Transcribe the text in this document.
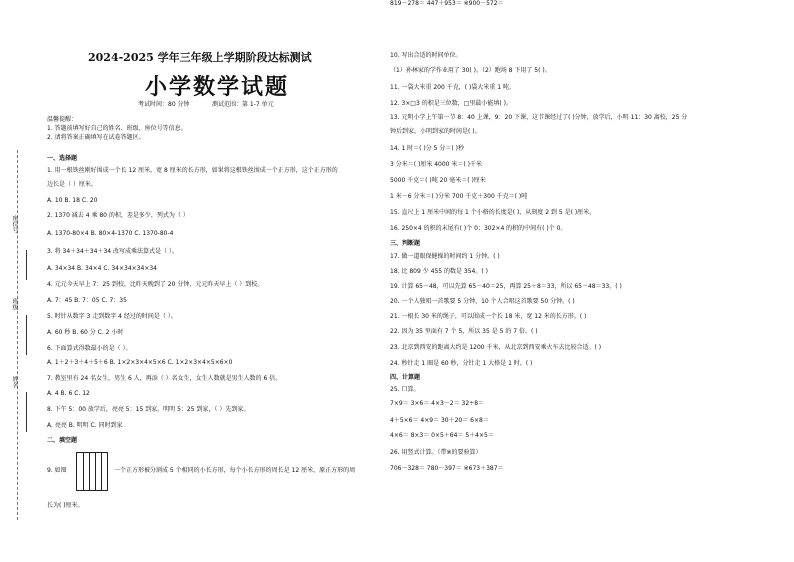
座位号
班级
姓名
2024-2025 学年三年级上学期阶段达标测试
小学数学试题
考试时间：80 分钟	测试范围：第 1-7 单元
温馨提醒：
1. 答题前填写好自己的姓名、班级、座位号等信息。
2. 请将答案正确填写在试卷答题区。
一、选择题
1. 用一根铁丝刚好围成一个长 12 厘米，宽 8 厘米的长方形，如果将这根铁丝围成一个正方形，这个正方形的
边长是（ ）厘米。
A. 10 B. 18 C. 20
2. 1370 减去 4 乘 80 的积，差是多少，列式为（ ）
A. 1370-80×4 B. 80×4-1370 C. 1370-80-4
3. 将 34＋34＋34＋34 改写成乘法算式是（ ）。
A. 34×34 B. 34×4 C. 34×34×34×34
4. 元元今天早上 7：25 到校，比昨天晚到了 20 分钟，元元昨天早上（ ）到校。
A. 7：45 B. 7：05 C. 7：35
5. 时针从数字 3 走到数字 4 经过的时间是（ ）。
A. 60 秒 B. 60 分 C. 2 小时
6. 下面算式得数最小的是（ ）。
A. 1＋2＋3＋4＋5＋6 B. 1×2×3×4×5×6 C. 1×2×3×4×5×6×0
7. 教室里有 24 名女生，男生 6 人，再添（ ）名女生，女生人数就是男生人数的 6 倍。
A. 4 B. 6 C. 12
8. 下午 5：00 放学后，亮亮 5：15 到家，明明 5：25 到家，（ ）先到家。
A. 亮亮 B. 明明 C. 同时到家
二、填空题
9. 如图	一个正方形被分割成 5 个相同的小长方形，每个小长方形的周长是 12 厘米，原正方形的周
长为( )厘米。
10. 写出合适的时间单位。
（1）孙林家的学作业用了 30( )。（2）跑场 8 下用了 5( )。
11. 一袋大米重 200 千克，( )袋大米重 1 吨。
12. 3×□3 的积是三位数，□里最小能填( )。
13. 元明小学上午第一节 8：40 上课，9：20 下课，这节课经过了( )分钟，放学后，小明 11：30 离校，25 分
钟后到家，小明到家的时间是( )。
14. 1 时＝( )分 5 分＝( )秒
3 分米＝( )厘米 4000 米＝( )千米
5000 千克＝( )吨 20 毫米＝( )厘米
1 米－6 分米＝( )分米 700 千克＋300 千克＝( )吨
15. 直尺上 1 厘米中间的每 1 个小格的长度是( )，从刻度 2 到 5 是( )厘米。
16. 250×4 的积的末尾有( )个 0；302×4 的积的中间有( )个 0。
三、判断题
17. 做一道眼保健操的时间约 1 分钟。( )
18. 比 809 少 455 的数是 354。( )
19. 计算 65－48，可以先算 65－40＝25，再算 25＋8＝33，所以 65－48＝33。( )
20. 一个人独唱一首歌要 5 分钟，10 个人合唱这首歌要 50 分钟。( )
21. 一根长 30 米的绳子，可以围成一个长 18 米，宽 12 米的长方形。( )
22. 因为 35 里面有 7 个 5，所以 35 是 5 的 7 倍。( )
23. 北京到西安的距离大约是 1200 千米，从北京到西安乘火车去比较合适。( )
24. 秒针走 1 圈是 60 秒，分针走 1 大格是 1 时。( )
四、计算题
25. 口算。
7×9＝ 3×6＝ 4×3－2＝ 32÷8＝
4＋5×6＝ 4×9＝ 30＋20＝ 6×8＝
4×6＝ 8×3＝ 0×5＋64＝ 5＋4×5＝
26. 用竖式计算。（带※的要验算）
706－328＝ 780－397＝ ※673＋387＝
819－278＝ 447＋953＝ ※900－572＝
